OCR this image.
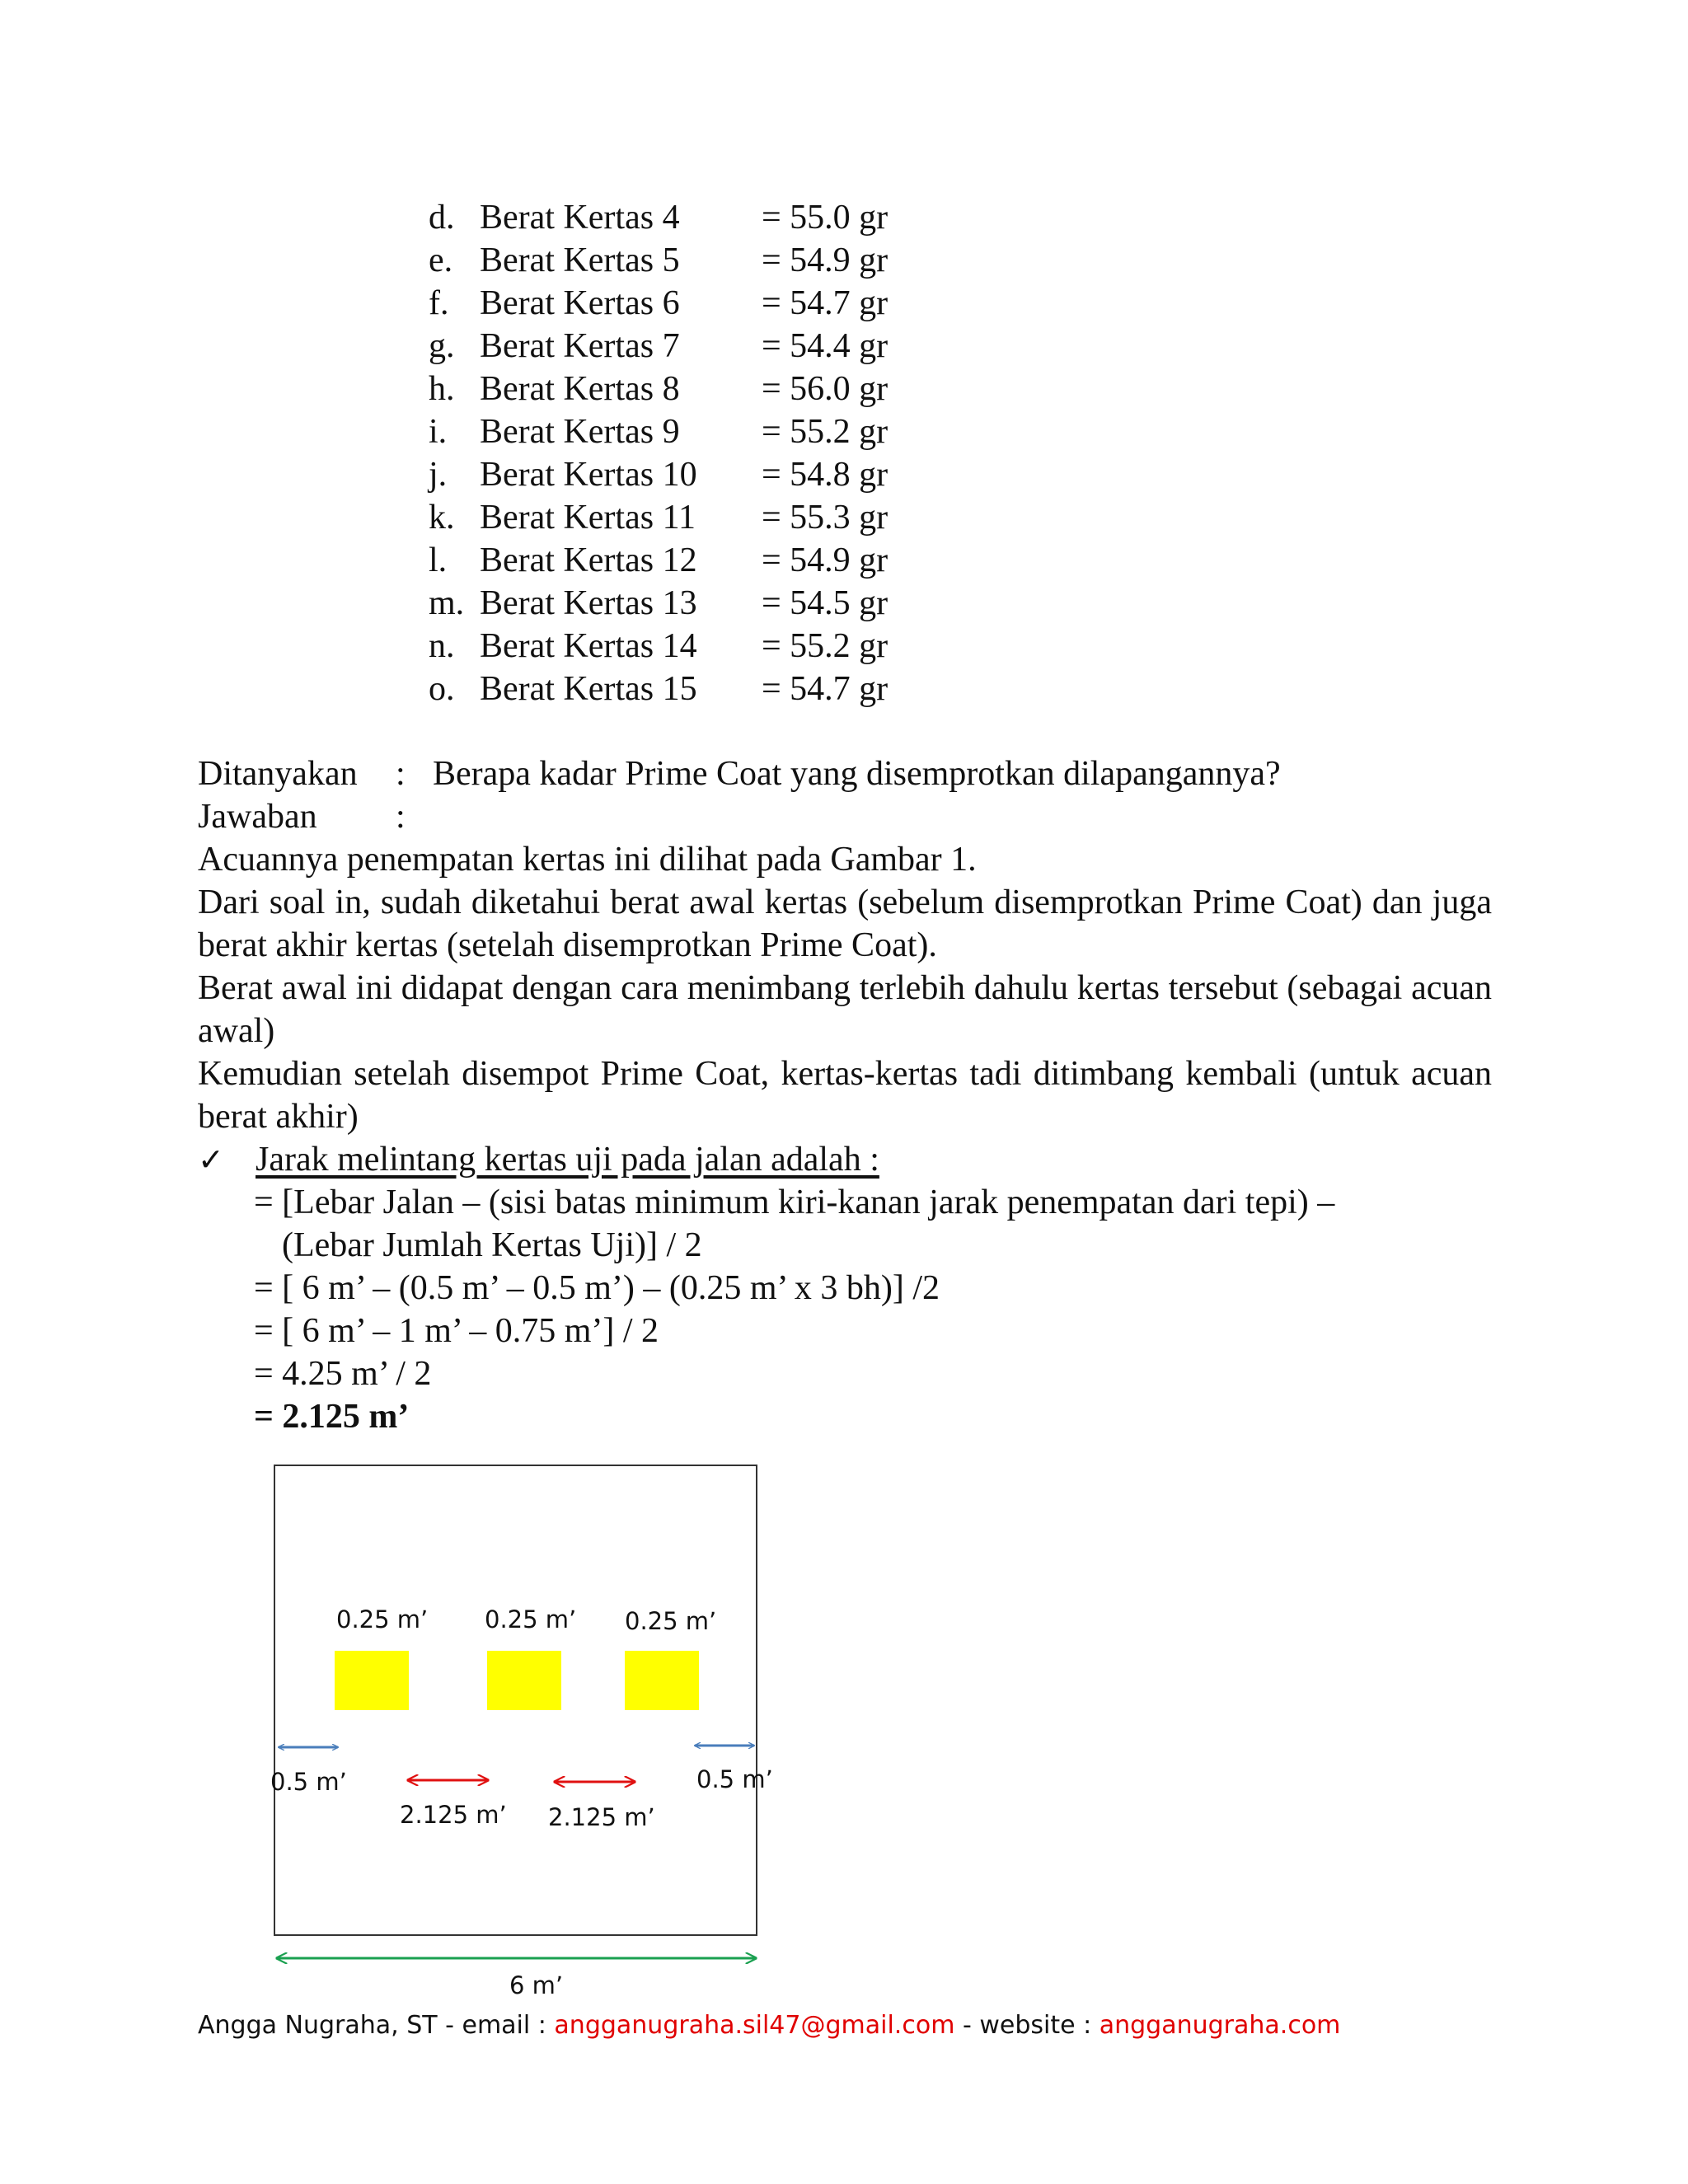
d. Berat Kertas 4 = 55.0 gr
e. Berat Kertas 5 = 54.9 gr
f. Berat Kertas 6 = 54.7 gr
g. Berat Kertas 7 = 54.4 gr
h. Berat Kertas 8 = 56.0 gr
i. Berat Kertas 9 = 55.2 gr
j. Berat Kertas 10 = 54.8 gr
k. Berat Kertas 11 = 55.3 gr
l. Berat Kertas 12 = 54.9 gr
m. Berat Kertas 13 = 54.5 gr
n. Berat Kertas 14 = 55.2 gr
o. Berat Kertas 15 = 54.7 gr
Ditanyakan : Berapa kadar Prime Coat yang disemprotkan dilapangannya?
Jawaban :
Acuannya penempatan kertas ini dilihat pada Gambar 1.
Dari soal in, sudah diketahui berat awal kertas (sebelum disemprotkan Prime Coat) dan juga berat akhir kertas (setelah disemprotkan Prime Coat).
Berat awal ini didapat dengan cara menimbang terlebih dahulu kertas tersebut (sebagai acuan awal)
Kemudian setelah disempot Prime Coat, kertas-kertas tadi ditimbang kembali (untuk acuan berat akhir)
✓ Jarak melintang kertas uji pada jalan adalah :
= [Lebar Jalan – (sisi batas minimum kiri-kanan jarak penempatan dari tepi) –
(Lebar Jumlah Kertas Uji)] / 2
= [ 6 m’ – (0.5 m’ – 0.5 m’) – (0.25 m’ x 3 bh)] /2
= [ 6 m’ – 1 m’ – 0.75 m’] / 2
= 4.25 m’ / 2
= 2.125 m’
0.25 m’ 0.25 m’ 0.25 m’
0.5 m’	0.5 m’
2.125 m’ 2.125 m’
6 m’
Angga Nugraha, ST - email : angganugraha.sil47@gmail.com - website : angganugraha.com
